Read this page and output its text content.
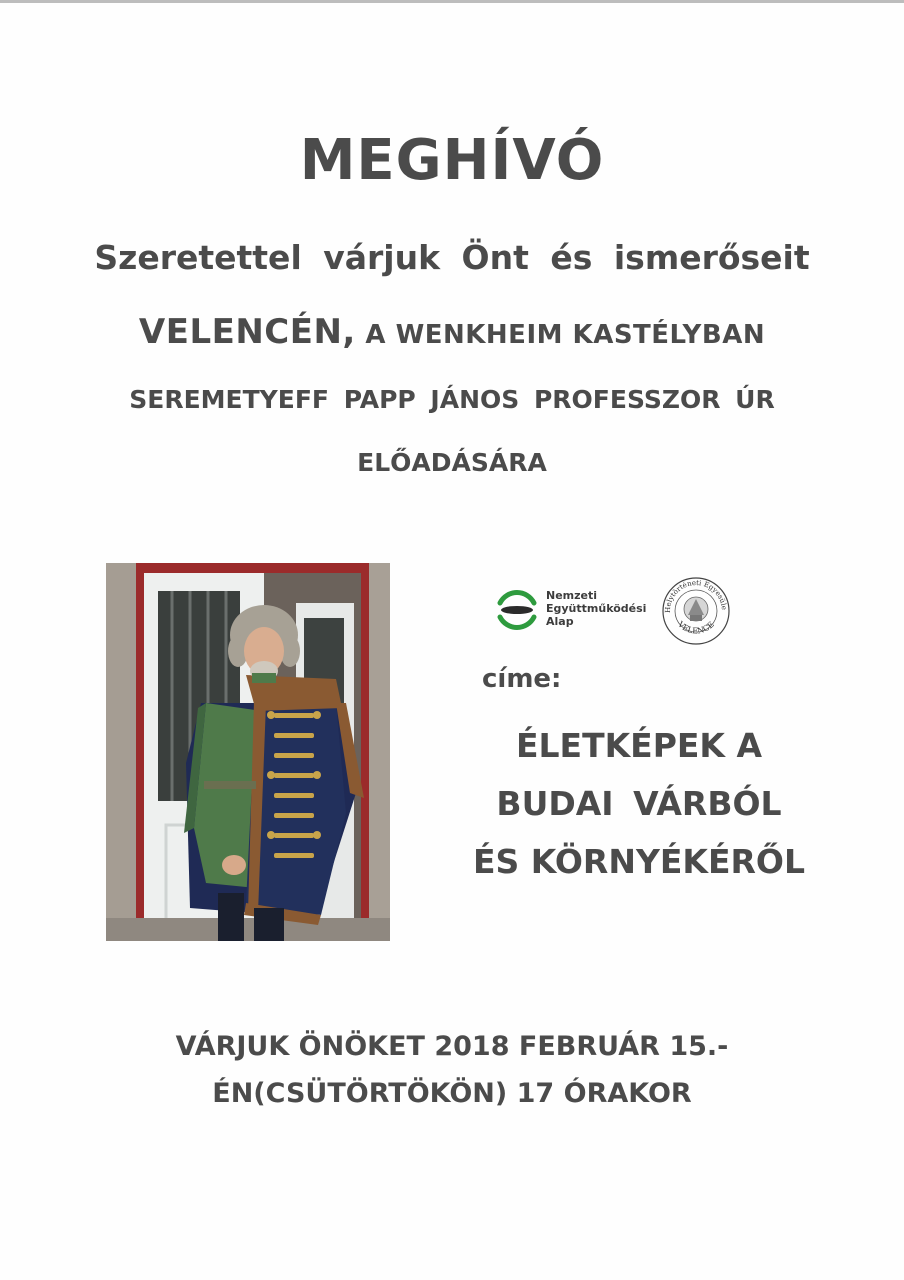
MEGHÍVÓ
Szeretettel várjuk Önt és ismerőseit
VELENCÉN, A WENKHEIM KASTÉLYBAN
SEREMETYEFF PAPP JÁNOS PROFESSZOR ÚR
ELŐADÁSÁRA
Nemzeti
Együttműködési
Alap
Helytörténeti Egyesüle
VELENCE
címe:
ÉLETKÉPEK A
BUDAI VÁRBÓL
ÉS KÖRNYÉKÉRŐL
VÁRJUK ÖNÖKET 2018 FEBRUÁR 15.-
ÉN(CSÜTÖRTÖKÖN) 17 ÓRAKOR
